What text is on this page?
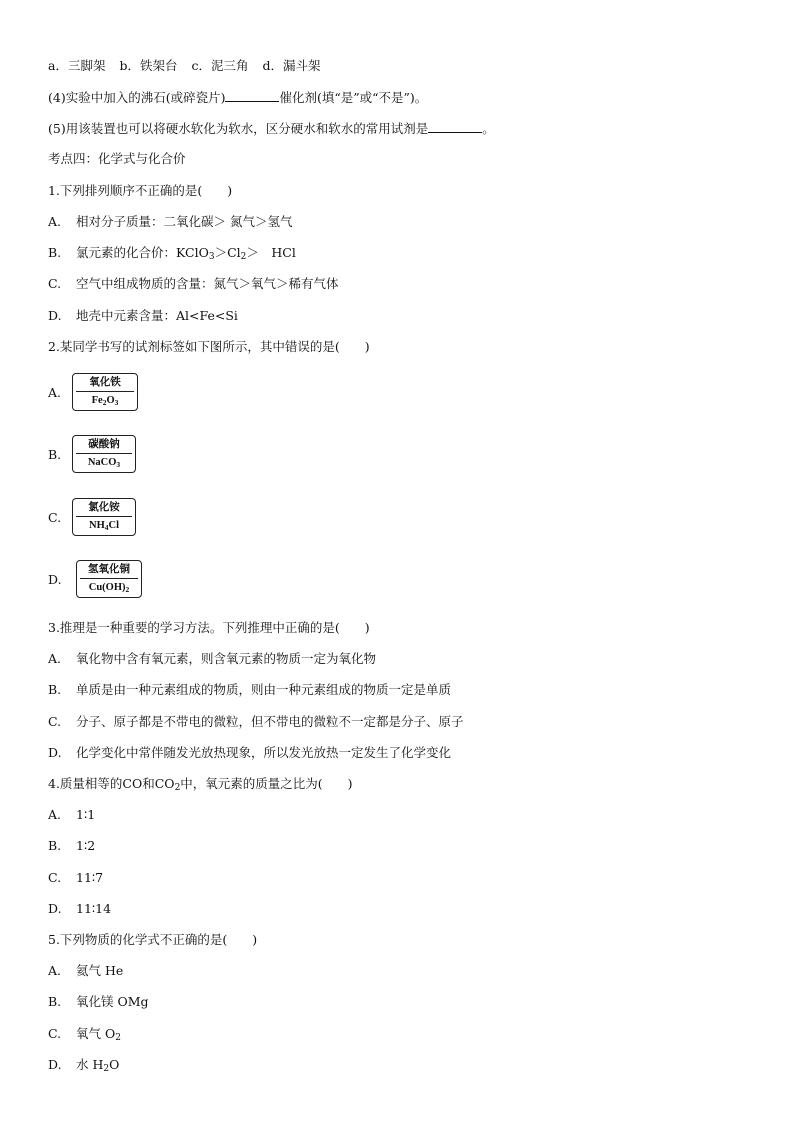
a．三脚架 b．铁架台 c．泥三角 d．漏斗架
(4)实验中加入的沸石(或碎瓷片)	催化剂(填“是”或“不是”)。
(5)用该装置也可以将硬水软化为软水，区分硬水和软水的常用试剂是	。
考点四：化学式与化合价
1.下列排列顺序不正确的是(　　)
A. 相对分子质量：二氧化碳＞ 氮气＞氢气
B. 氯元素的化合价：$KClO_3>Cl_2>$　HCl
C. 空气中组成物质的含量：氮气＞氧气＞稀有气体
D. 地壳中元素含量：Al<Fe<Si
2.某同学书写的试剂标签如下图所示，其中错误的是(　　)
A.
氧化铁
$Fe_2O_3$
B.
碳酸钠
NaCO$_3$
C.
氯化铵
$NH_4Cl$
D.
氢氧化铜
$Cu(OH)_2$
3.推理是一种重要的学习方法。下列推理中正确的是(　　)
A. 氧化物中含有氧元素，则含氧元素的物质一定为氧化物
B. 单质是由一种元素组成的物质，则由一种元素组成的物质一定是单质
C. 分子、原子都是不带电的微粒，但不带电的微粒不一定都是分子、原子
D. 化学变化中常伴随发光放热现象，所以发光放热一定发生了化学变化
4.质量相等的CO和$CO_2$中，氧元素的质量之比为(　　)
A. 1∶1
B. 1∶2
C. 11∶7
D. 11∶14
5.下列物质的化学式不正确的是(　　)
A. 氦气 He
B. 氧化镁 OMg
C. 氧气 $O_2$
D. 水 $H_2O$
